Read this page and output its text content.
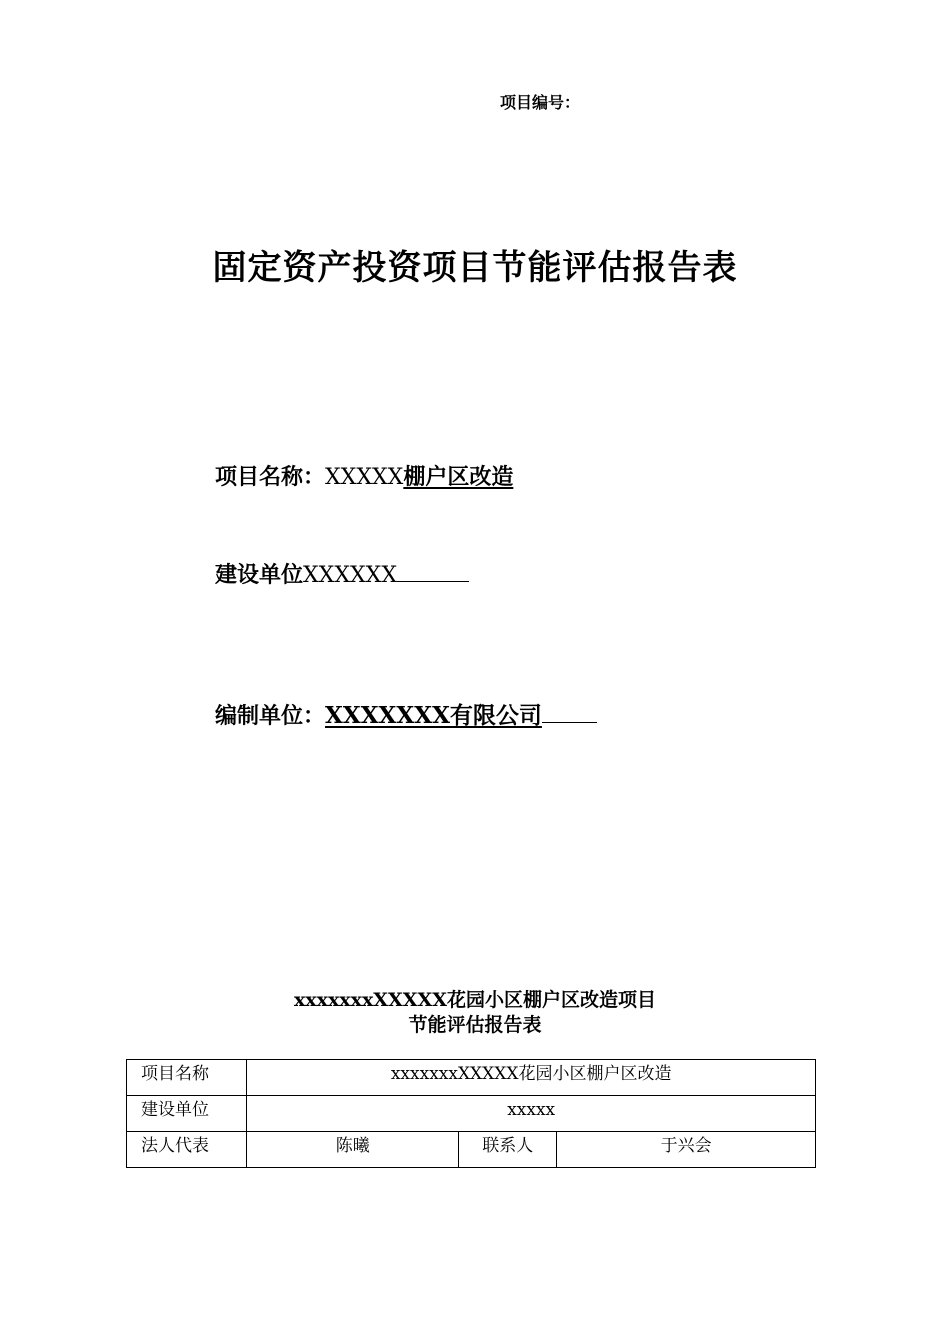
项目编号：
固定资产投资项目节能评估报告表
项目名称：XXXXX棚户区改造
建设单位XXXXXX
编制单位：XXXXXXX有限公司
xxxxxxxXXXXX花园小区棚户区改造项目
节能评估报告表
项目名称	xxxxxxxXXXXX花园小区棚户区改造		
建设单位	xxxxx		
法人代表	陈曦	联系人	于兴会
